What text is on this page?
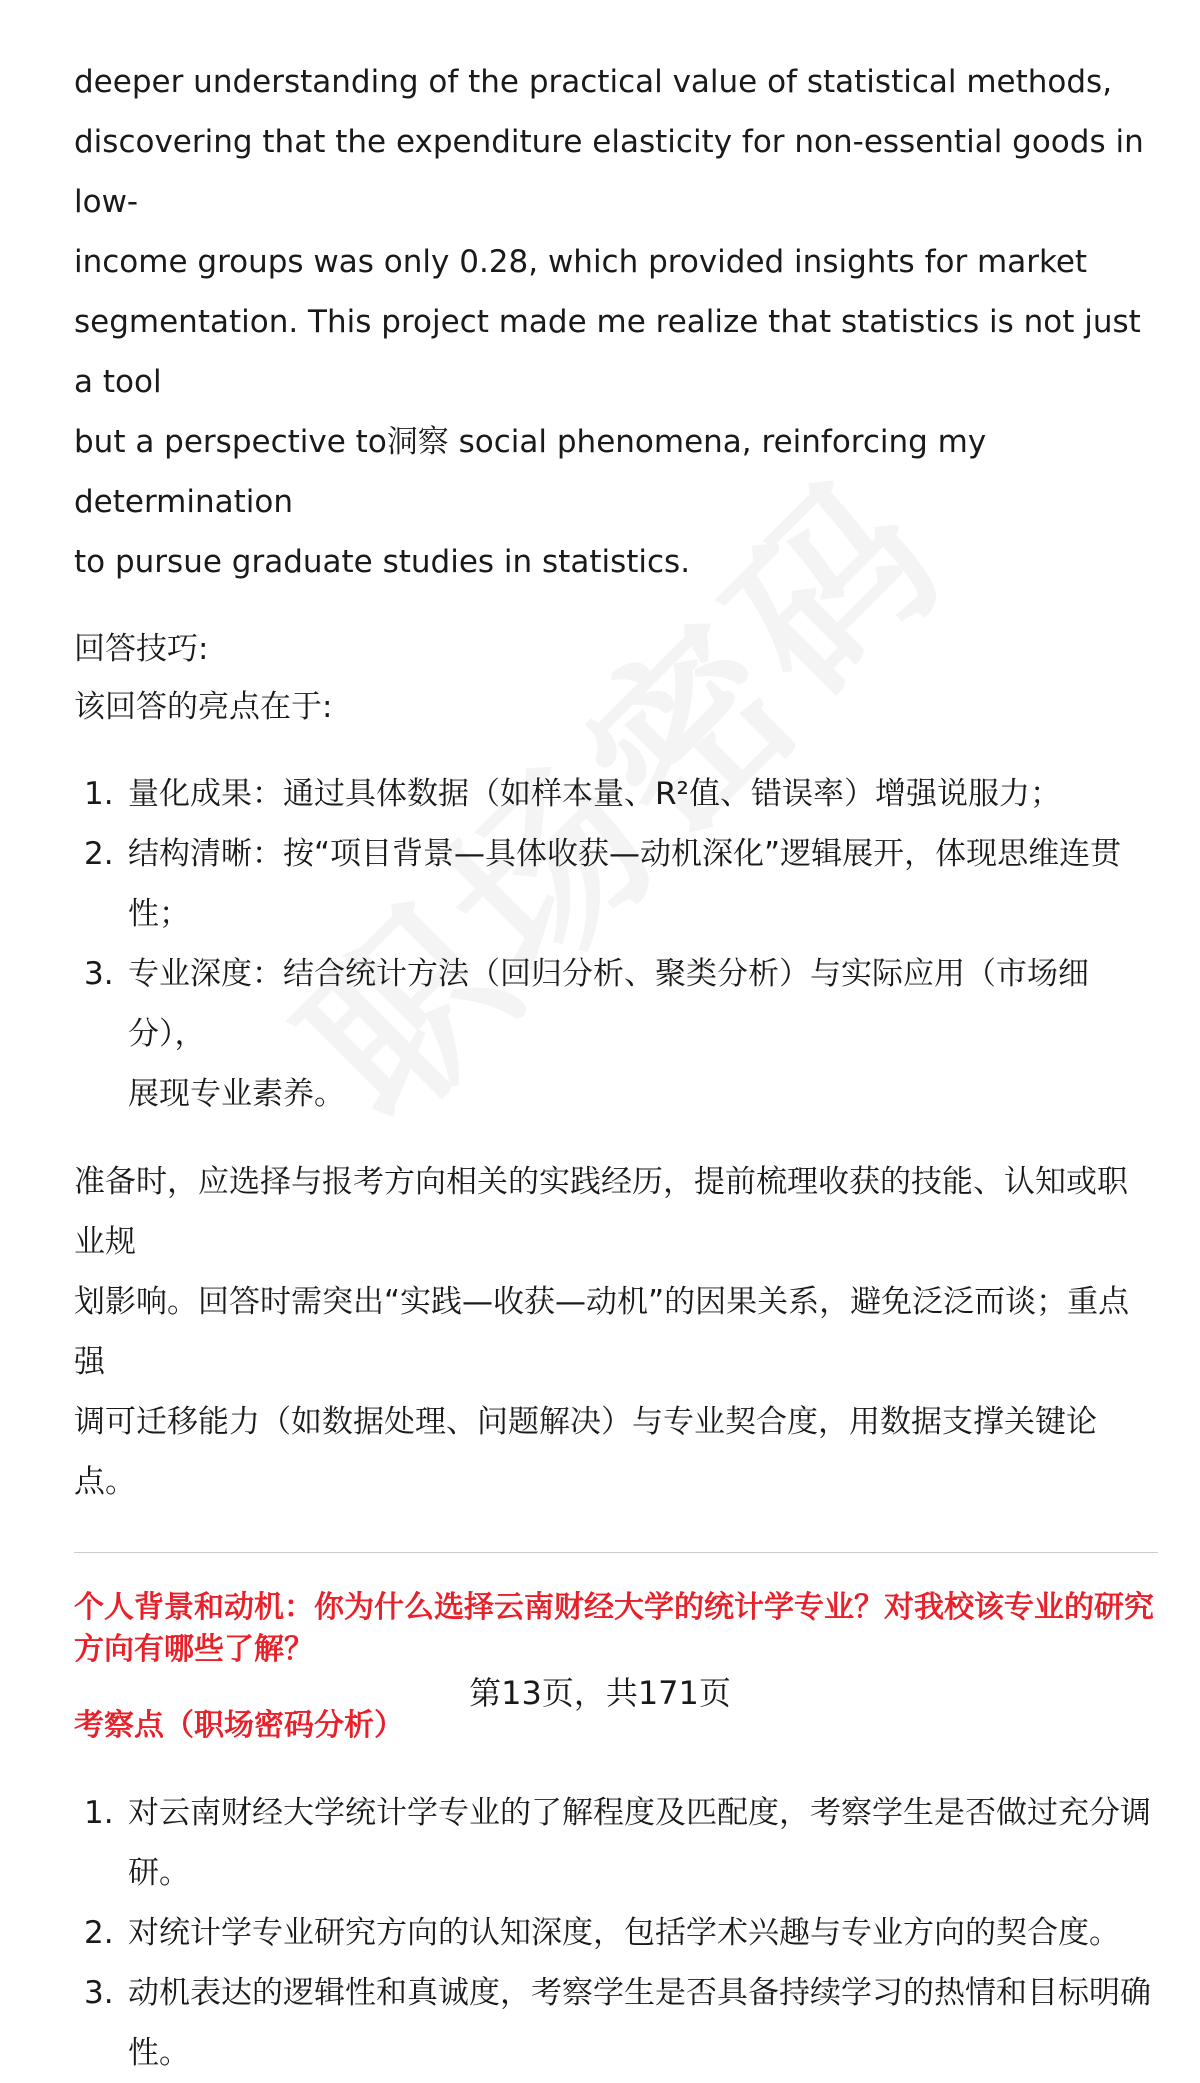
deeper understanding of the practical value of statistical methods,

discovering that the expenditure elasticity for non-essential goods in low-

income groups was only 0.28, which provided insights for market

segmentation. This project made me realize that statistics is not just a tool

but a perspective to洞察 social phenomena, reinforcing my determination

to pursue graduate studies in statistics.

回答技巧:

该回答的亮点在于:

1. 量化成果：通过具体数据（如样本量、R²值、错误率）增强说服力；
2. 结构清晰：按“项目背景—具体收获—动机深化”逻辑展开，体现思维连贯
性；
3. 专业深度：结合统计方法（回归分析、聚类分析）与实际应用（市场细分），
展现专业素养。

准备时，应选择与报考方向相关的实践经历，提前梳理收获的技能、认知或职业规

划影响。回答时需突出“实践—收获—动机”的因果关系，避免泛泛而谈；重点强

调可迁移能力（如数据处理、问题解决）与专业契合度，用数据支撑关键论点。

个人背景和动机：你为什么选择云南财经大学的统计学专业？对我校该专业的研究

方向有哪些了解？

考察点（职场密码分析）

1. 对云南财经大学统计学专业的了解程度及匹配度，考察学生是否做过充分调
研。
2. 对统计学专业研究方向的认知深度，包括学术兴趣与专业方向的契合度。
3. 动机表达的逻辑性和真诚度，考察学生是否具备持续学习的热情和目标明确
性。
第13页，共171页
